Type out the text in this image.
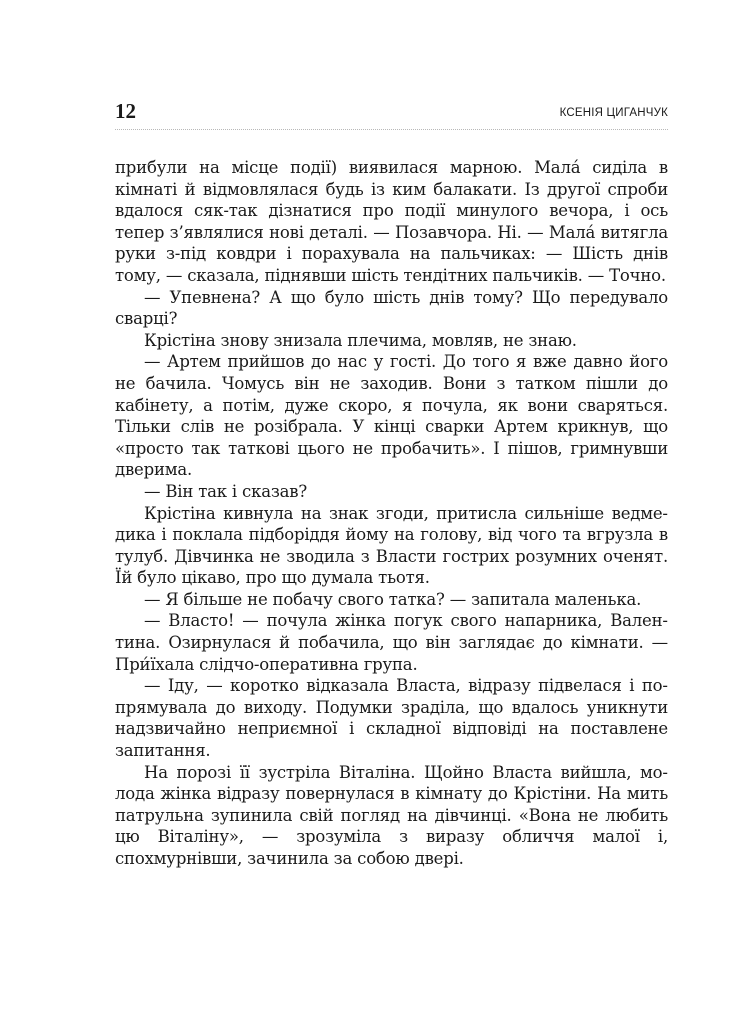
12	КСЕНІЯ ЦИГАНЧУК

прибули на місце події) виявилася марною. Мала́ сиділа в кімнаті й відмовлялася будь із ким балакати. Із другої спроби вдалося сяк-так дізнатися про події минулого вечора, і ось тепер з’являлися нові деталі. — Позавчора. Ні. — Мала́ витягла руки з-під ковдри і порахувала на пальчиках: — Шість днів тому, — сказала, піднявши шість тендітних пальчиків. — Точно.

— Упевнена? А що було шість днів тому? Що передувало сварці?

Крістіна знову знизала плечима, мовляв, не знаю.

— Артем прийшов до нас у гості. До того я вже давно його не бачила. Чомусь він не заходив. Вони з татком пішли до кабінету, а потім, дуже скоро, я почула, як вони сваряться. Тільки слів не розібрала. У кінці сварки Артем крикнув, що «просто так таткові цього не пробачить». І пішов, гримнувши дверима.

— Він так і сказав?

Крістіна кивнула на знак згоди, притисла сильніше ведмедика і поклала підборіддя йому на голову, від чого та вгрузла в тулуб. Дівчинка не зводила з Власти гострих розумних оченят. Їй було цікаво, про що думала тьотя.

— Я більше не побачу свого татка? — запитала маленька.

— Власто! — почула жінка погук свого напарника, Валентина. Озирнулася й побачила, що він заглядає до кімнати. — При́їхала слідчо-оперативна група.

— Іду, — коротко відказала Власта, відразу підвелася і попрямувала до виходу. Подумки зраділа, що вдалось уникнути надзвичайно неприємної і складної відповіді на поставлене запитання.

На порозі її зустріла Віталіна. Щойно Власта вийшла, молода жінка відразу повернулася в кімнату до Крістіни. На мить патрульна зупинила свій погляд на дівчинці. «Вона не любить цю Віталіну», — зрозуміла з виразу обличчя малої і, спохмурнівши, зачинила за собою двері.
